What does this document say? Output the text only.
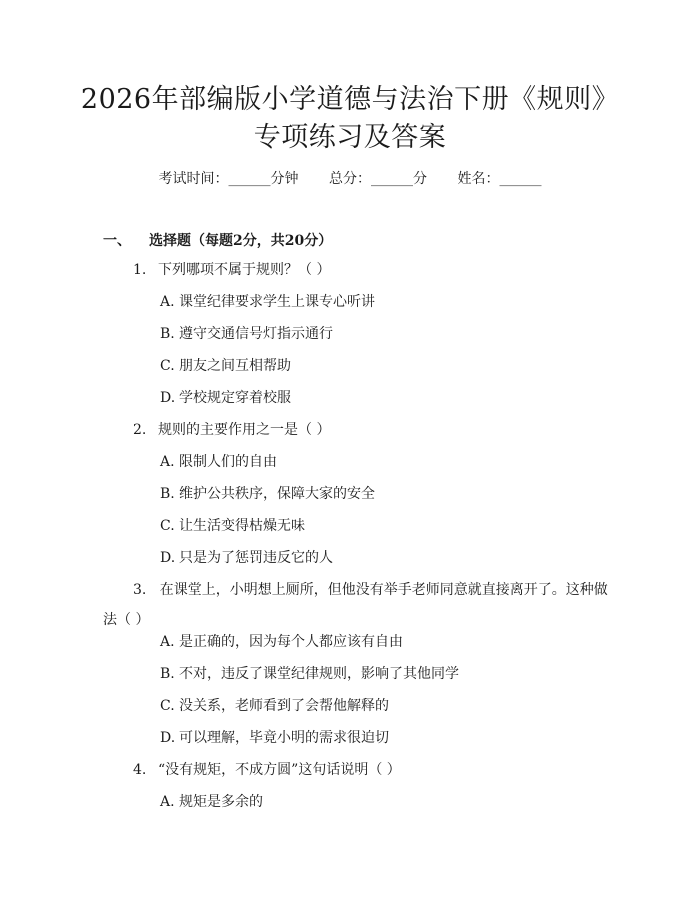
2026年部编版小学道德与法治下册《规则》
专项练习及答案
考试时间：______分钟 总分：______分 姓名：______
一、 选择题（每题2分，共20分）
1. 下列哪项不属于规则？（ ）
A. 课堂纪律要求学生上课专心听讲
B. 遵守交通信号灯指示通行
C. 朋友之间互相帮助
D. 学校规定穿着校服
2. 规则的主要作用之一是（ ）
A. 限制人们的自由
B. 维护公共秩序，保障大家的安全
C. 让生活变得枯燥无味
D. 只是为了惩罚违反它的人
3. 在课堂上，小明想上厕所，但他没有举手老师同意就直接离开了。这种做法（ ）
A. 是正确的，因为每个人都应该有自由
B. 不对，违反了课堂纪律规则，影响了其他同学
C. 没关系，老师看到了会帮他解释的
D. 可以理解，毕竟小明的需求很迫切
4. “没有规矩，不成方圆”这句话说明（ ）
A. 规矩是多余的
